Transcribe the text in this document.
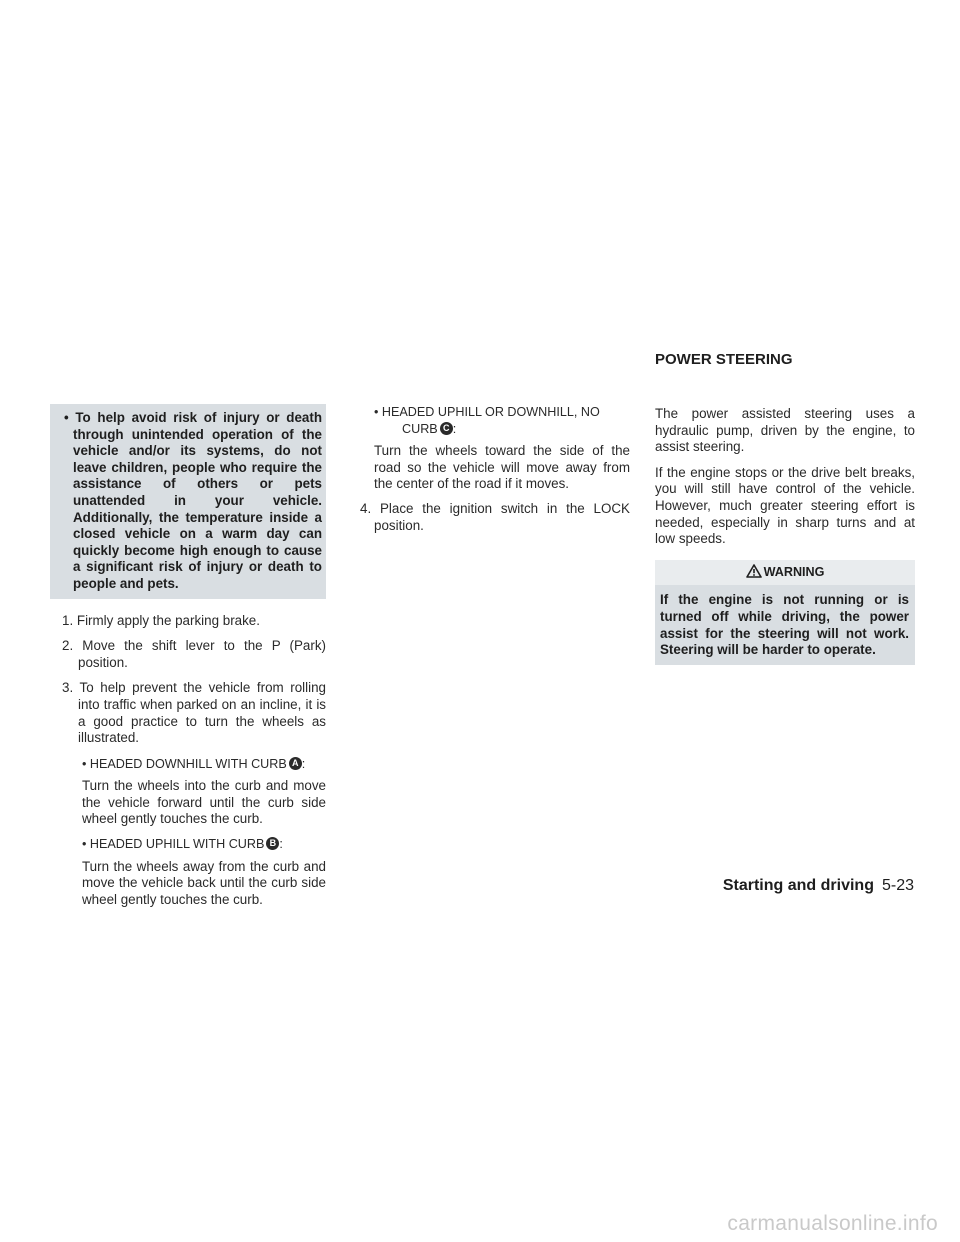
• To help avoid risk of injury or death through unintended operation of the vehicle and/or its systems, do not leave children, people who require the assistance of others or pets unattended in your vehicle. Additionally, the temperature inside a closed vehicle on a warm day can quickly become high enough to cause a significant risk of injury or death to people and pets.
1. Firmly apply the parking brake.
2. Move the shift lever to the P (Park) position.
3. To help prevent the vehicle from rolling into traffic when parked on an incline, it is a good practice to turn the wheels as illustrated.
• HEADED DOWNHILL WITH CURB A :
Turn the wheels into the curb and move the vehicle forward until the curb side wheel gently touches the curb.
• HEADED UPHILL WITH CURB B :
Turn the wheels away from the curb and move the vehicle back until the curb side wheel gently touches the curb.
• HEADED UPHILL OR DOWNHILL, NO
CURB C :
Turn the wheels toward the side of the road so the vehicle will move away from the center of the road if it moves.
4. Place the ignition switch in the LOCK position.
POWER STEERING
The power assisted steering uses a hydraulic pump, driven by the engine, to assist steering.
If the engine stops or the drive belt breaks, you will still have control of the vehicle. However, much greater steering effort is needed, especially in sharp turns and at low speeds.
WARNING
If the engine is not running or is turned off while driving, the power assist for the steering will not work. Steering will be harder to operate.
Starting and driving 5-23
carmanualsonline.info
